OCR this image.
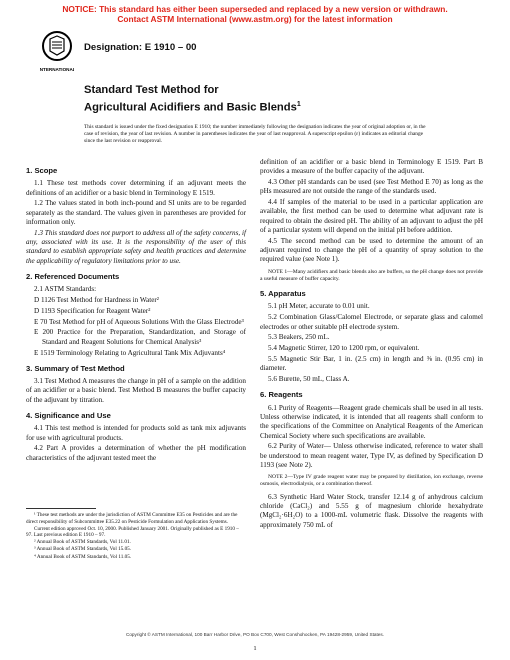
NOTICE: This standard has either been superseded and replaced by a new version or withdrawn.
Contact ASTM International (www.astm.org) for the latest information
INTERNATIONAL
Designation: E 1910 – 00
Standard Test Method for
Agricultural Acidifiers and Basic Blends$^1$
This standard is issued under the fixed designation E 1910; the number immediately following the designation indicates the year of original adoption or, in the case of revision, the year of last revision. A number in parentheses indicates the year of last reapproval. A superscript epsilon (ε) indicates an editorial change since the last revision or reapproval.
1. Scope

1.1 These test methods cover determining if an adjuvant meets the definitions of an acidifier or a basic blend in Terminology E 1519.

1.2 The values stated in both inch-pound and SI units are to be regarded separately as the standard. The values given in parentheses are provided for information only.

1.3 This standard does not purport to address all of the safety concerns, if any, associated with its use. It is the responsibility of the user of this standard to establish appropriate safety and health practices and determine the applicability of regulatory limitations prior to use.

2. Referenced Documents

2.1 ASTM Standards:

D 1126 Test Method for Hardness in Water²

D 1193 Specification for Reagent Water²

E 70 Test Method for pH of Aqueous Solutions With the Glass Electrode³

E 200 Practice for the Preparation, Standardization, and Storage of Standard and Reagent Solutions for Chemical Analysis³

E 1519 Terminology Relating to Agricultural Tank Mix Adjuvants⁴

3. Summary of Test Method

3.1 Test Method A measures the change in pH of a sample on the addition of an acidifier or a basic blend. Test Method B measures the buffer capacity of the adjuvant by titration.

4. Significance and Use

4.1 This test method is intended for products sold as tank mix adjuvants for use with agricultural products.

4.2 Part A provides a determination of whether the pH modification characteristics of the adjuvant tested meet the

¹ These test methods are under the jurisdiction of ASTM Committee E35 on Pesticides and are the direct responsibility of Subcommittee E35.22 on Pesticide Formulation and Application Systems.

Current edition approved Oct. 10, 2000. Published January 2001. Originally published as E 1910 – 97. Last previous edition E 1910 – 97.

² Annual Book of ASTM Standards, Vol 11.01.

³ Annual Book of ASTM Standards, Vol 15.05.

⁴ Annual Book of ASTM Standards, Vol 11.05.

definition of an acidifier or a basic blend in Terminology E 1519. Part B provides a measure of the buffer capacity of the adjuvant.

4.3 Other pH standards can be used (see Test Method E 70) as long as the pHs measured are not outside the range of the standards used.

4.4 If samples of the material to be used in a particular application are available, the first method can be used to determine what adjuvant rate is required to obtain the desired pH. The ability of an adjuvant to adjust the pH of a particular system will depend on the initial pH before addition.

4.5 The second method can be used to determine the amount of an adjuvant required to change the pH of a quantity of spray solution to the required value (see Note 1).

NOTE 1—Many acidifiers and basic blends also are buffers, so the pH change does not provide a useful measure of buffer capacity.

5. Apparatus

5.1 pH Meter, accurate to 0.01 unit.

5.2 Combination Glass/Calomel Electrode, or separate glass and calomel electrodes or other suitable pH electrode system.

5.3 Beakers, 250 mL.

5.4 Magnetic Stirrer, 120 to 1200 rpm, or equivalent.

5.5 Magnetic Stir Bar, 1 in. (2.5 cm) in length and ⅜ in. (0.95 cm) in diameter.

5.6 Burette, 50 mL, Class A.

6. Reagents

6.1 Purity of Reagents—Reagent grade chemicals shall be used in all tests. Unless otherwise indicated, it is intended that all reagents shall conform to the specifications of the Committee on Analytical Reagents of the American Chemical Society where such specifications are available.

6.2 Purity of Water— Unless otherwise indicated, reference to water shall be understood to mean reagent water, Type IV, as defined by Specification D 1193 (see Note 2).

NOTE 2—Type IV grade reagent water may be prepared by distillation, ion exchange, reverse osmosis, electrodialysis, or a combination thereof.

6.3 Synthetic Hard Water Stock, transfer 12.14 g of anhydrous calcium chloride (CaCl₂) and 5.55 g of magnesium chloride hexahydrate (MgCl₂·6H₂O) to a 1000-mL volumetric flask. Dissolve the reagents with approximately 750 mL of

Copyright © ASTM International, 100 Barr Harbor Drive, PO Box C700, West Conshohocken, PA 19428-2959, United States.
1
